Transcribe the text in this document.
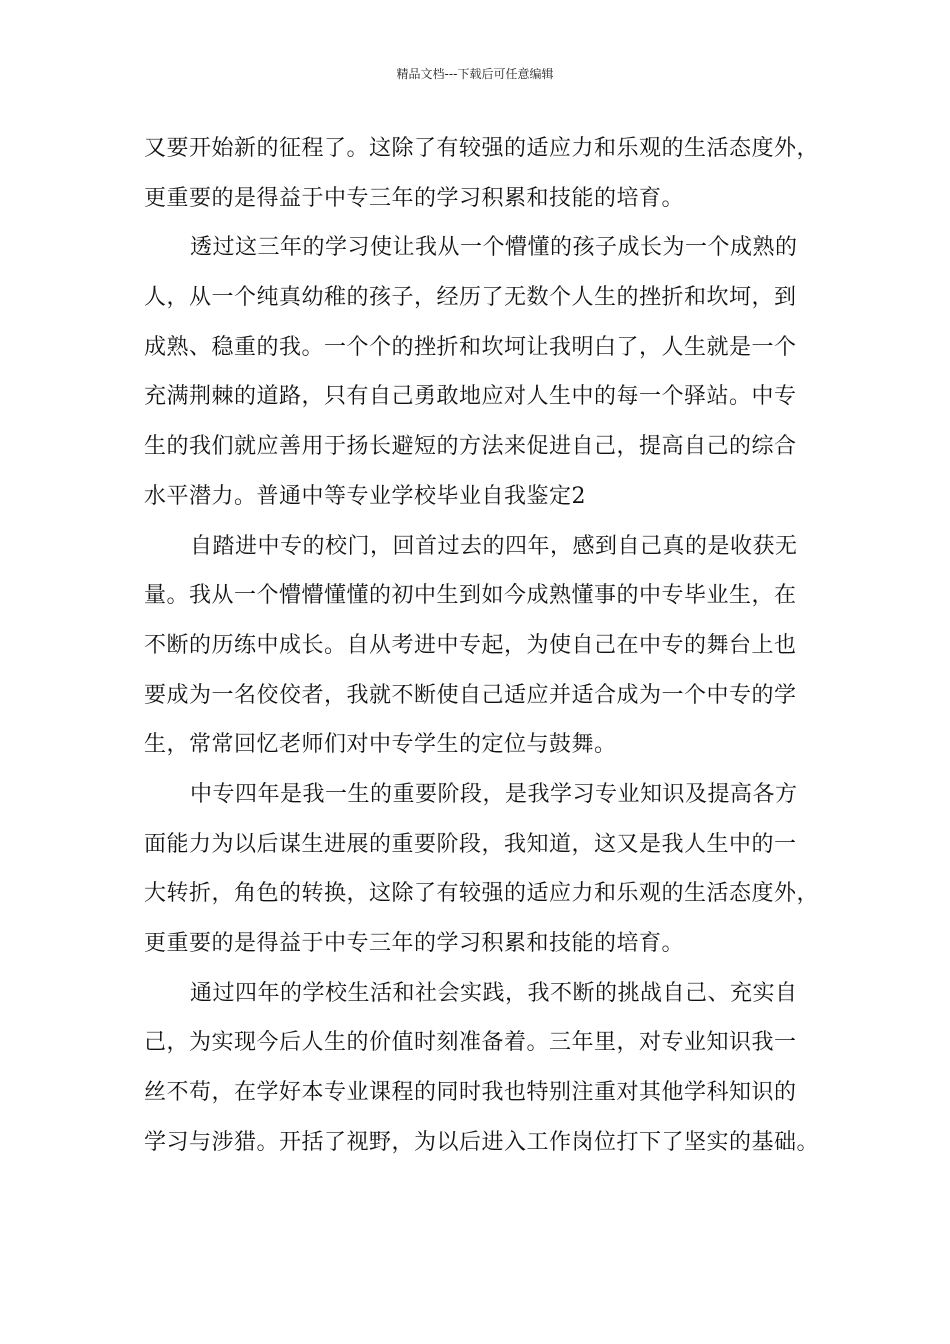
精品文档---下载后可任意编辑
又要开始新的征程了。这除了有较强的适应力和乐观的生活态度外，
更重要的是得益于中专三年的学习积累和技能的培育。
透过这三年的学习使让我从一个懵懂的孩子成长为一个成熟的
人，从一个纯真幼稚的孩子，经历了无数个人生的挫折和坎坷，到
成熟、稳重的我。一个个的挫折和坎坷让我明白了，人生就是一个
充满荆棘的道路，只有自己勇敢地应对人生中的每一个驿站。中专
生的我们就应善用于扬长避短的方法来促进自己，提高自己的综合
水平潜力。普通中等专业学校毕业自我鉴定2
自踏进中专的校门，回首过去的四年，感到自己真的是收获无
量。我从一个懵懵懂懂的初中生到如今成熟懂事的中专毕业生，在
不断的历练中成长。自从考进中专起，为使自己在中专的舞台上也
要成为一名佼佼者，我就不断使自己适应并适合成为一个中专的学
生，常常回忆老师们对中专学生的定位与鼓舞。
中专四年是我一生的重要阶段，是我学习专业知识及提高各方
面能力为以后谋生进展的重要阶段，我知道，这又是我人生中的一
大转折，角色的转换，这除了有较强的适应力和乐观的生活态度外，
更重要的是得益于中专三年的学习积累和技能的培育。
通过四年的学校生活和社会实践，我不断的挑战自己、充实自
己，为实现今后人生的价值时刻准备着。三年里，对专业知识我一
丝不苟，在学好本专业课程的同时我也特别注重对其他学科知识的
学习与涉猎。开括了视野，为以后进入工作岗位打下了坚实的基础。
